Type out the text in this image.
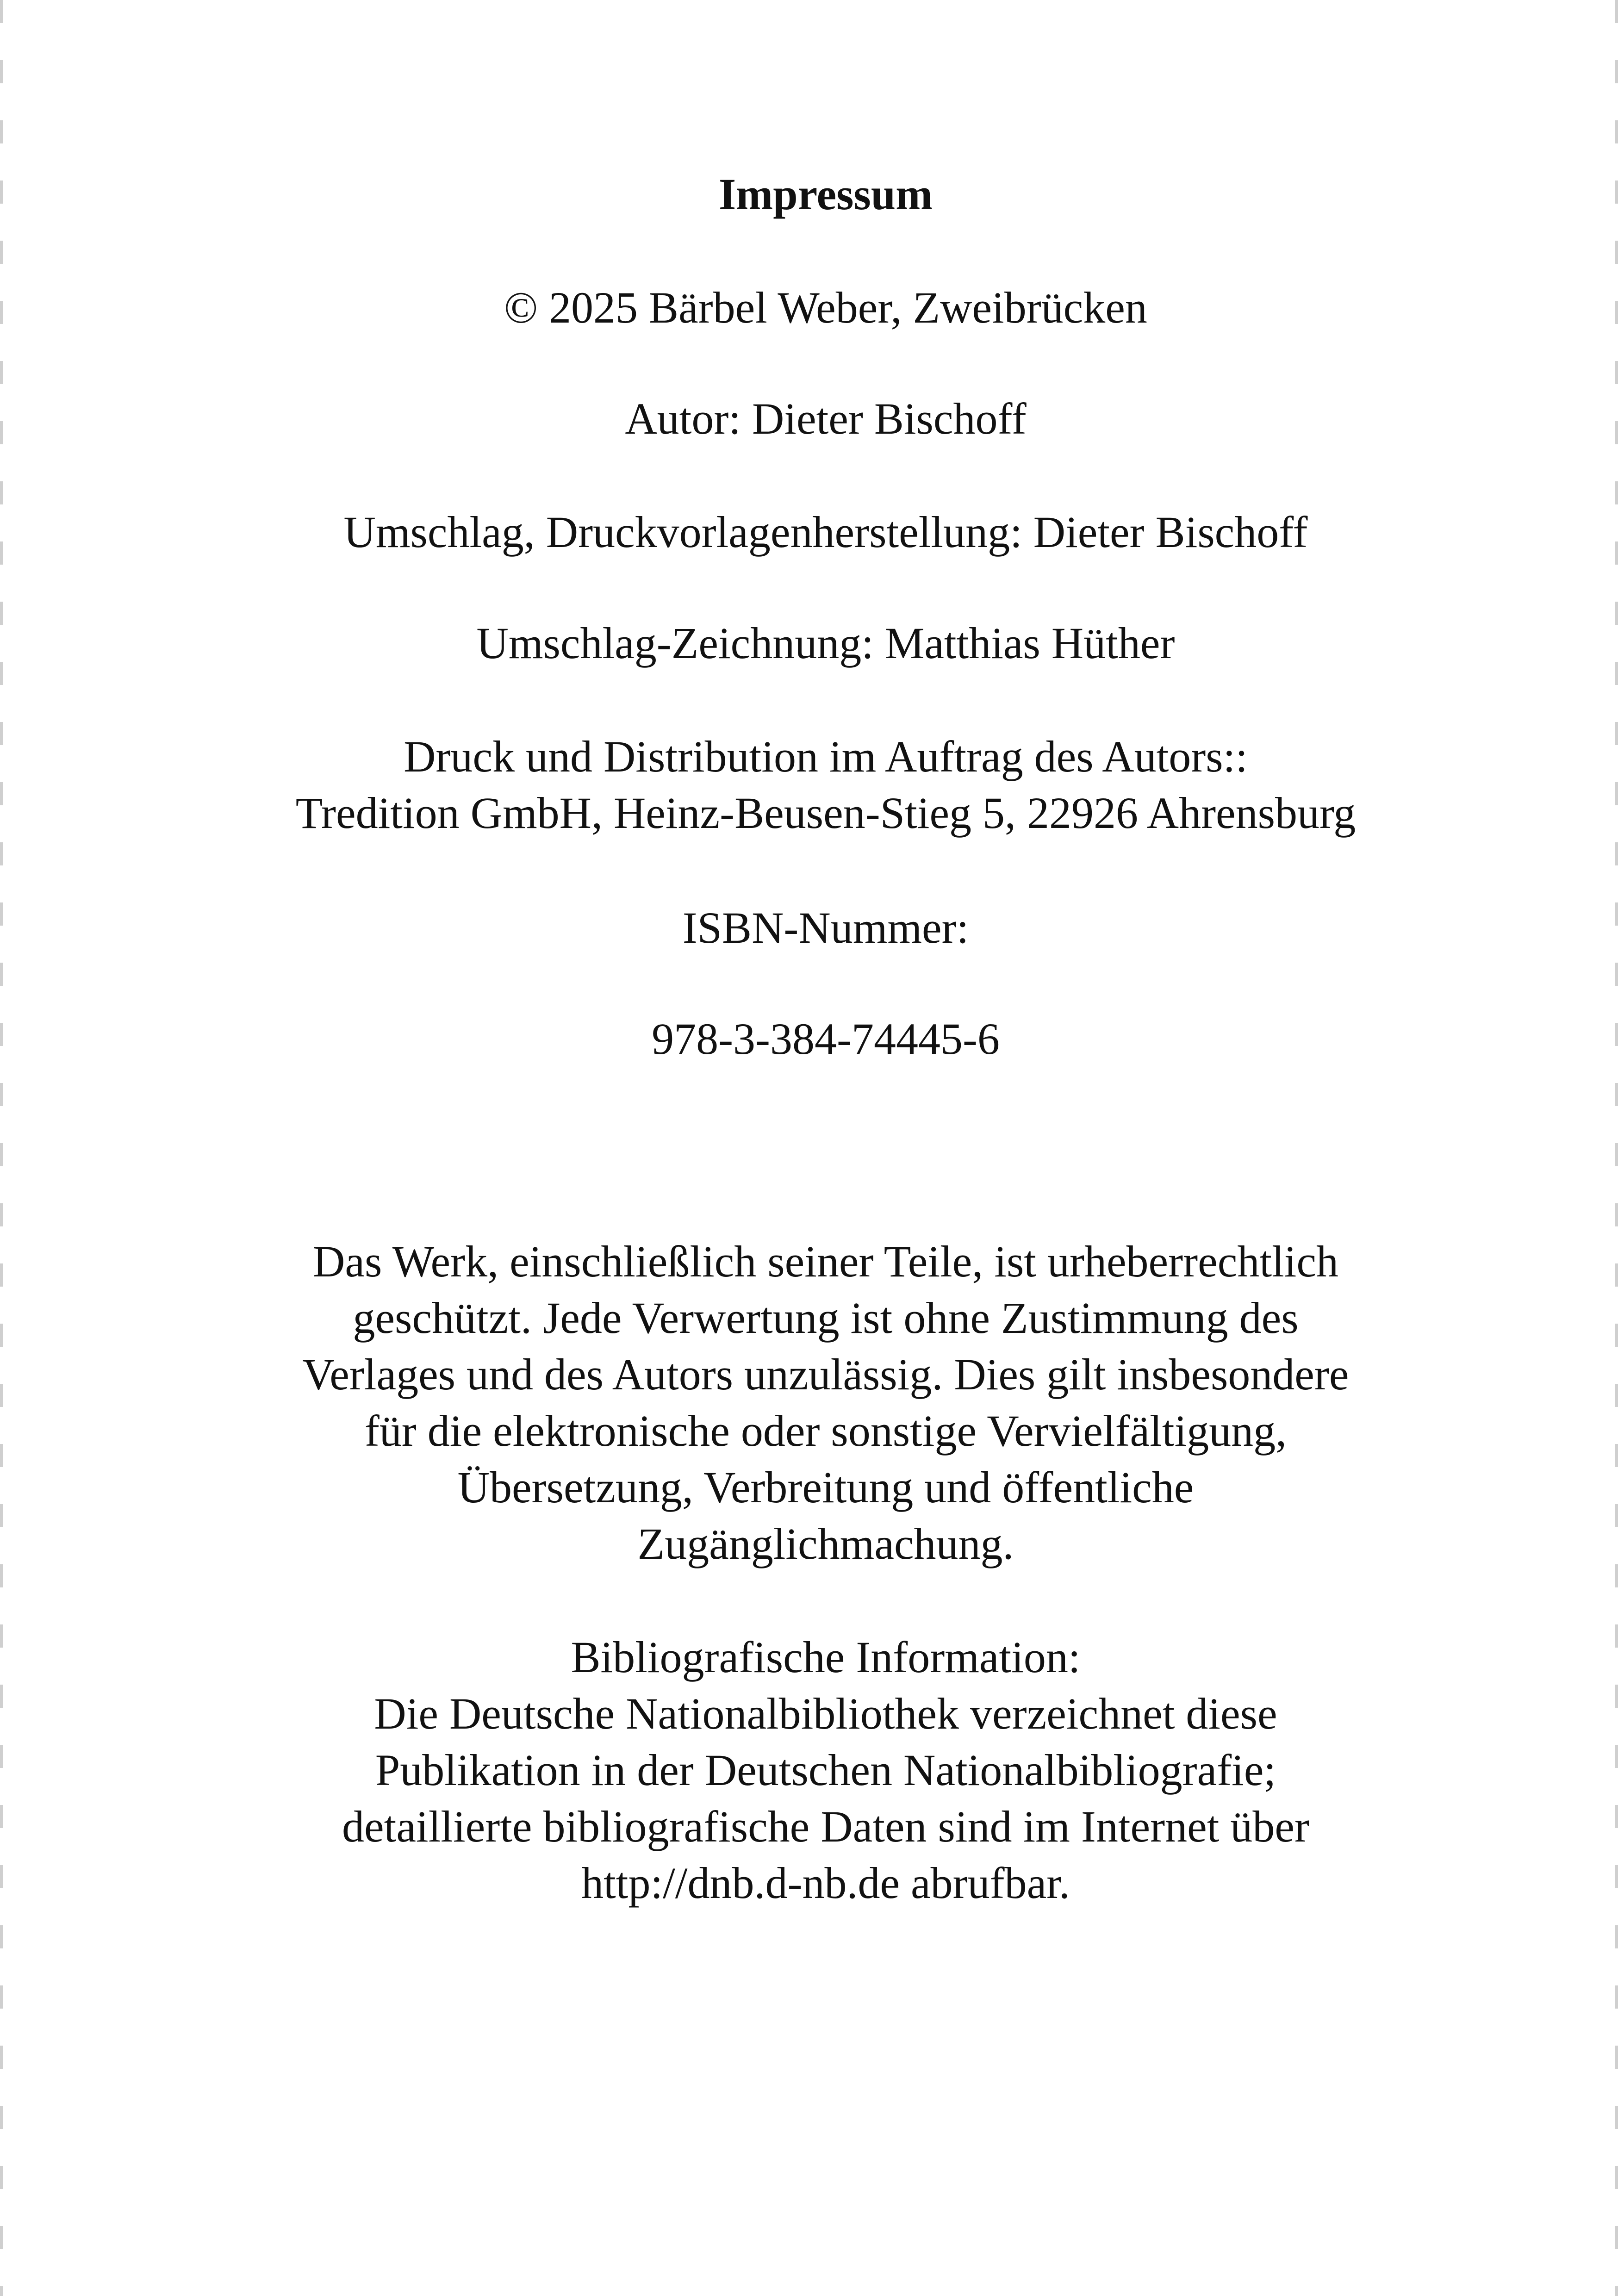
Impressum
© 2025 Bärbel Weber, Zweibrücken
Autor: Dieter Bischoff
Umschlag, Druckvorlagenherstellung: Dieter Bischoff
Umschlag-Zeichnung: Matthias Hüther
Druck und Distribution im Auftrag des Autors::
Tredition GmbH, Heinz-Beusen-Stieg 5, 22926 Ahrensburg
ISBN-Nummer:
978-3-384-74445-6
Das Werk, einschließlich seiner Teile, ist urheberrechtlich
geschützt. Jede Verwertung ist ohne Zustimmung des
Verlages und des Autors unzulässig. Dies gilt insbesondere
für die elektronische oder sonstige Vervielfältigung,
Übersetzung, Verbreitung und öffentliche
Zugänglichmachung.
Bibliografische Information:
Die Deutsche Nationalbibliothek verzeichnet diese
Publikation in der Deutschen Nationalbibliografie;
detaillierte bibliografische Daten sind im Internet über
http://dnb.d-nb.de abrufbar.
